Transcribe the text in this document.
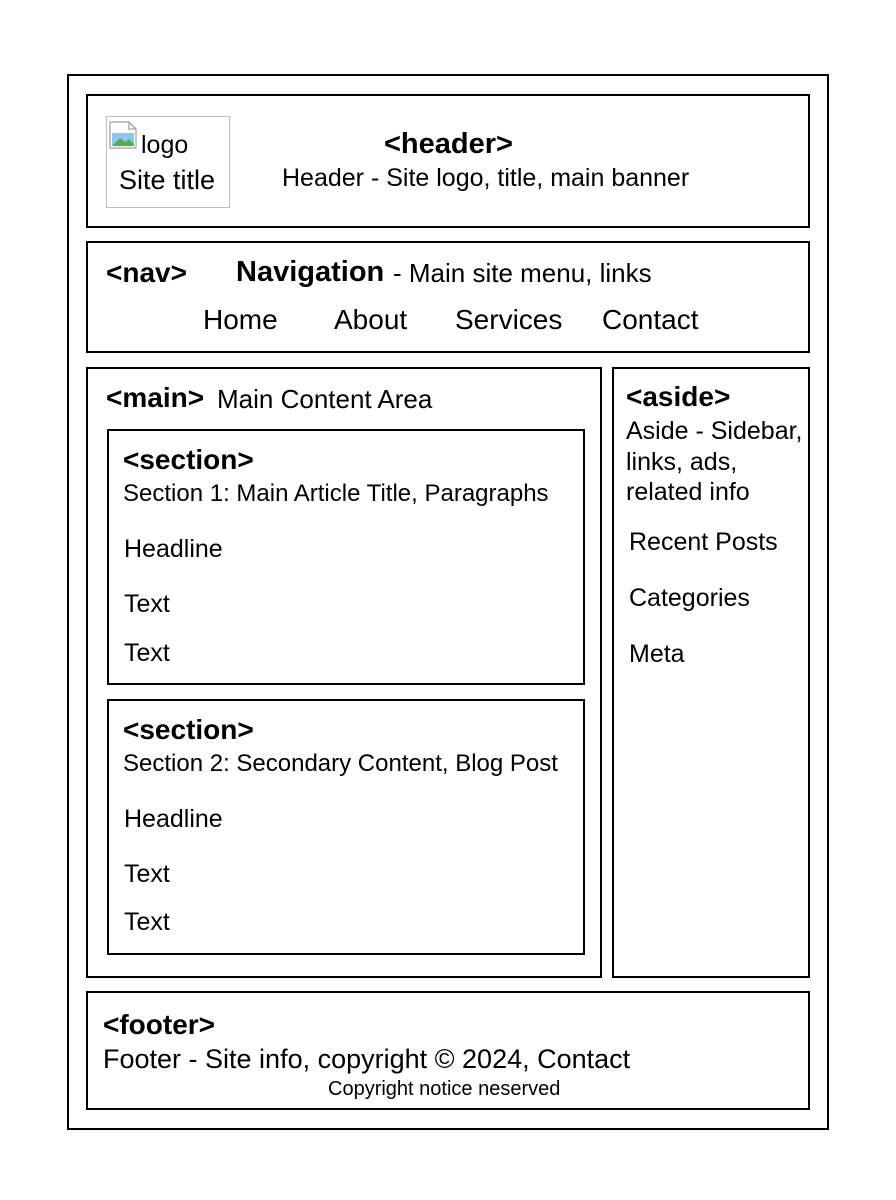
logo
Site title
<header>
Header - Site logo, title, main banner
<nav> Navigation - Main site menu, links
Home About Services Contact
<main> Main Content Area
<section>
Section 1: Main Article Title, Paragraphs
Headline
Text
Text
<section>
Section 2: Secondary Content, Blog Post
Headline
Text
Text
<aside>
Aside - Sidebar,
links, ads,
related info
Recent Posts
Categories
Meta
<footer>
Footer - Site info, copyright © 2024, Contact
Copyright notice neserved
